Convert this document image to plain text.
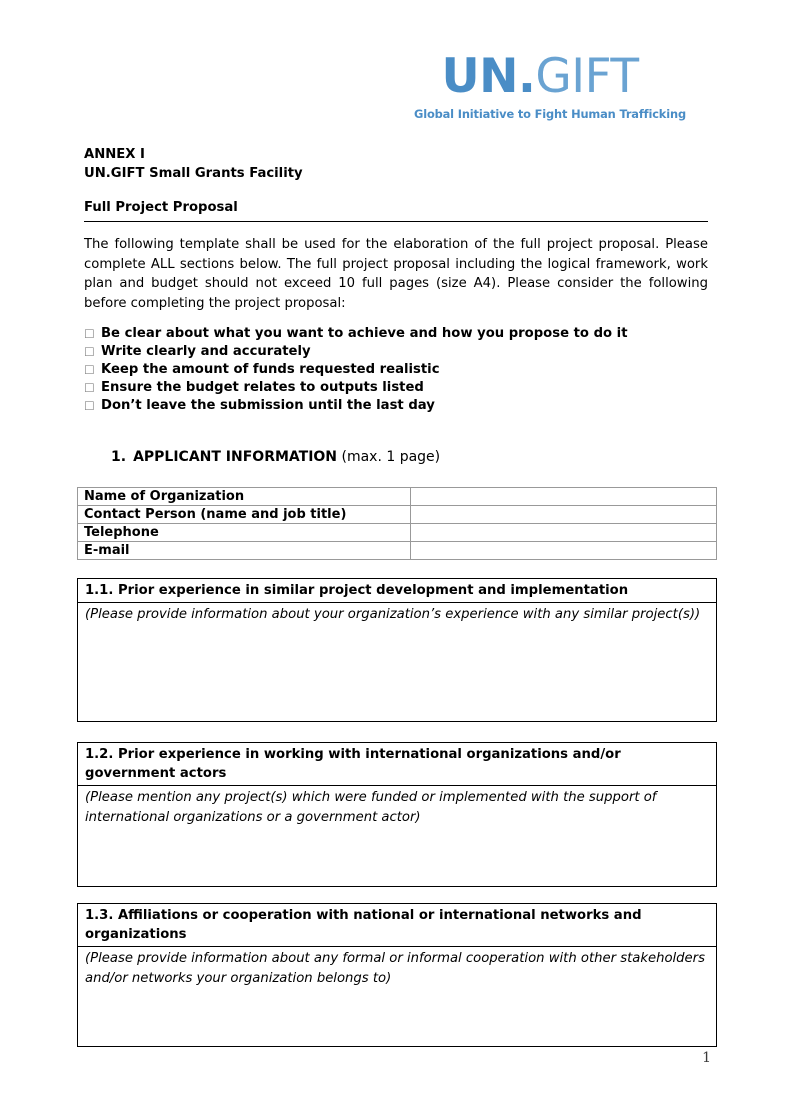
UN.GIFT
Global Initiative to Fight Human Trafficking
ANNEX I
UN.GIFT Small Grants Facility
Full Project Proposal
The following template shall be used for the elaboration of the full project proposal. Please complete ALL sections below. The full project proposal including the logical framework, work plan and budget should not exceed 10 full pages (size A4). Please consider the following before completing the project proposal:
☐ Be clear about what you want to achieve and how you propose to do it
☐ Write clearly and accurately
☐ Keep the amount of funds requested realistic
☐ Ensure the budget relates to outputs listed
☐ Don’t leave the submission until the last day
1. APPLICANT INFORMATION (max. 1 page)
Name of Organization	
Contact Person (name and job title)	
Telephone	
E-mail	
1.1. Prior experience in similar project development and implementation
(Please provide information about your organization’s experience with any similar project(s))
1.2. Prior experience in working with international organizations and/or government actors
(Please mention any project(s) which were funded or implemented with the support of international organizations or a government actor)
1.3. Affiliations or cooperation with national or international networks and organizations
(Please provide information about any formal or informal cooperation with other stakeholders and/or networks your organization belongs to)
1
